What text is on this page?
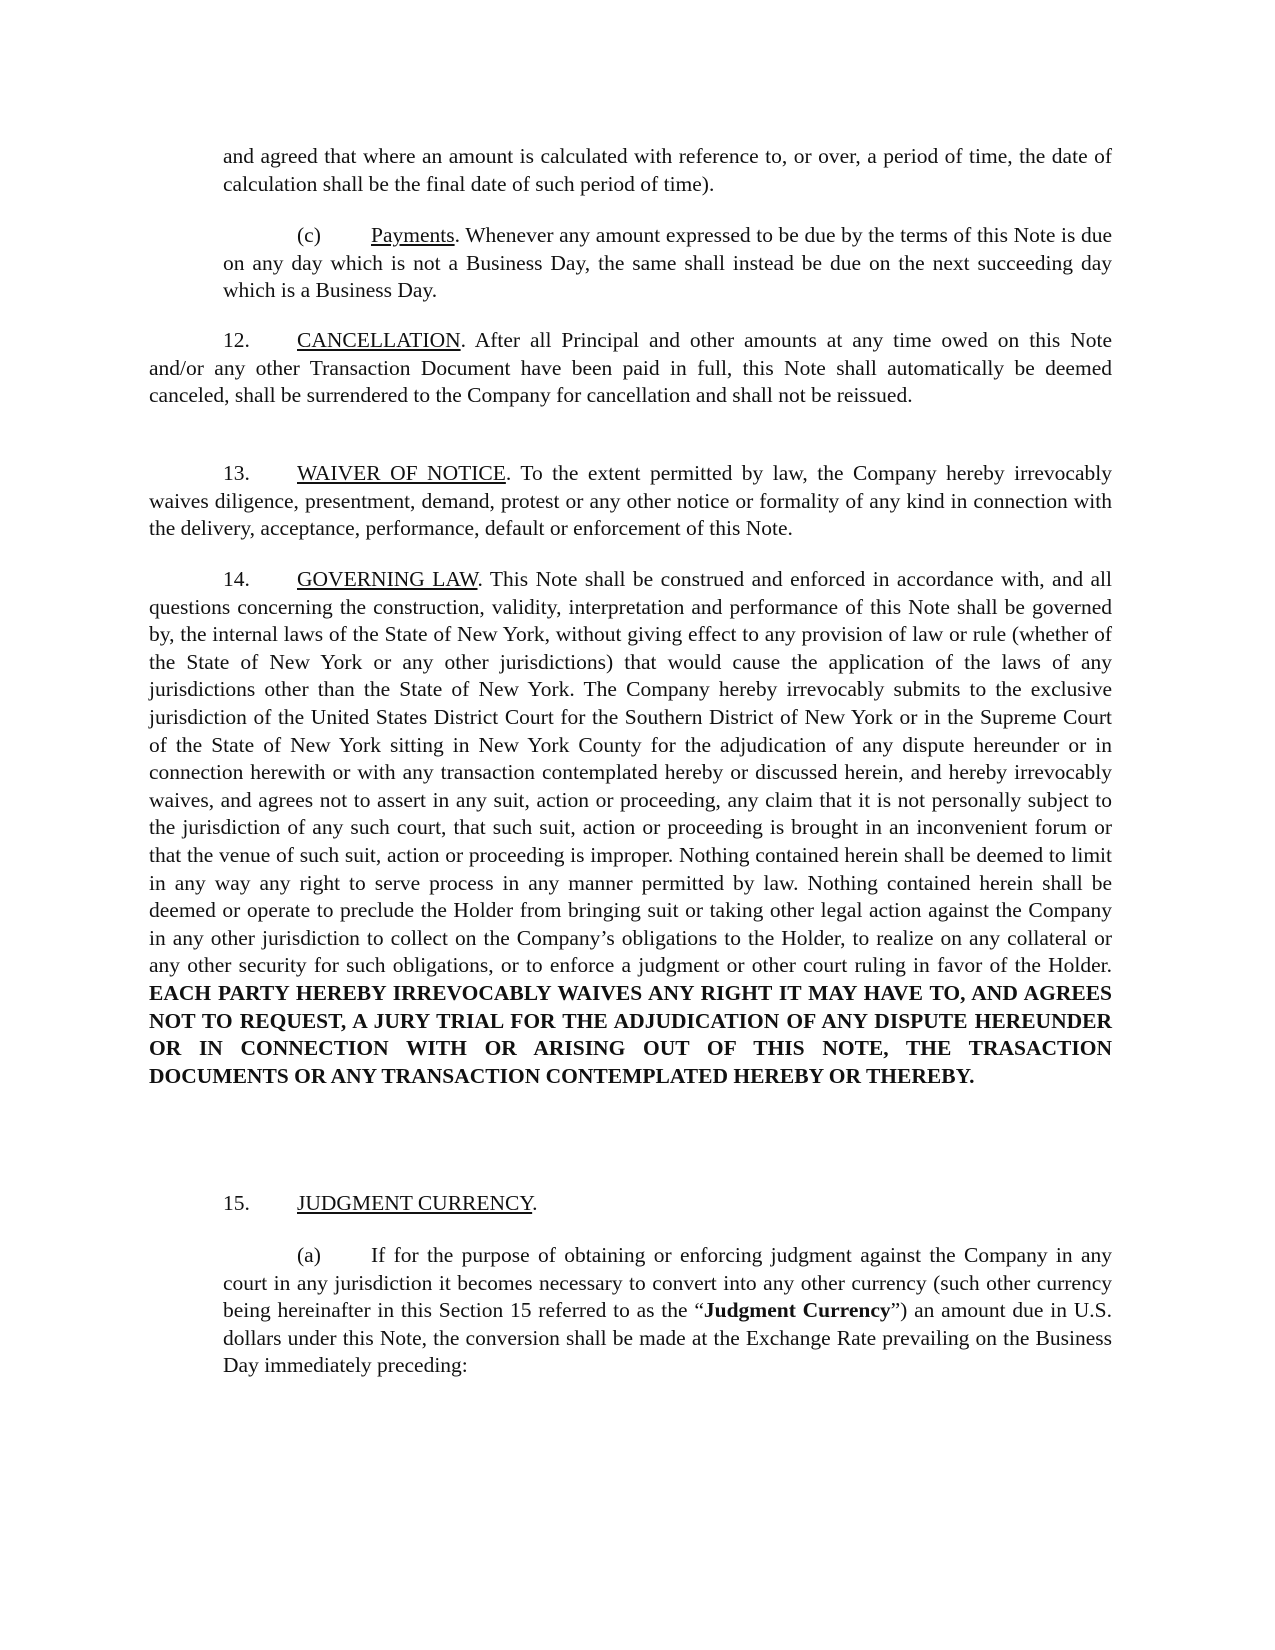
and agreed that where an amount is calculated with reference to, or over, a period of time, the date of calculation shall be the final date of such period of time).

(c) Payments. Whenever any amount expressed to be due by the terms of this Note is due on any day which is not a Business Day, the same shall instead be due on the next succeeding day which is a Business Day.

12. CANCELLATION. After all Principal and other amounts at any time owed on this Note and/or any other Transaction Document have been paid in full, this Note shall automatically be deemed canceled, shall be surrendered to the Company for cancellation and shall not be reissued.

13. WAIVER OF NOTICE. To the extent permitted by law, the Company hereby irrevocably waives diligence, presentment, demand, protest or any other notice or formality of any kind in connection with the delivery, acceptance, performance, default or enforcement of this Note.

14. GOVERNING LAW. This Note shall be construed and enforced in accordance with, and all questions concerning the construction, validity, interpretation and performance of this Note shall be governed by, the internal laws of the State of New York, without giving effect to any provision of law or rule (whether of the State of New York or any other jurisdictions) that would cause the application of the laws of any jurisdictions other than the State of New York. The Company hereby irrevocably submits to the exclusive jurisdiction of the United States District Court for the Southern District of New York or in the Supreme Court of the State of New York sitting in New York County for the adjudication of any dispute hereunder or in connection herewith or with any transaction contemplated hereby or discussed herein, and hereby irrevocably waives, and agrees not to assert in any suit, action or proceeding, any claim that it is not personally subject to the jurisdiction of any such court, that such suit, action or proceeding is brought in an inconvenient forum or that the venue of such suit, action or proceeding is improper. Nothing contained herein shall be deemed to limit in any way any right to serve process in any manner permitted by law. Nothing contained herein shall be deemed or operate to preclude the Holder from bringing suit or taking other legal action against the Company in any other jurisdiction to collect on the Company’s obligations to the Holder, to realize on any collateral or any other security for such obligations, or to enforce a judgment or other court ruling in favor of the Holder. EACH PARTY HEREBY IRREVOCABLY WAIVES ANY RIGHT IT MAY HAVE TO, AND AGREES NOT TO REQUEST, A JURY TRIAL FOR THE ADJUDICATION OF ANY DISPUTE HEREUNDER OR IN CONNECTION WITH OR ARISING OUT OF THIS NOTE, THE TRASACTION DOCUMENTS OR ANY TRANSACTION CONTEMPLATED HEREBY OR THEREBY.

15. JUDGMENT CURRENCY.

(a) If for the purpose of obtaining or enforcing judgment against the Company in any court in any jurisdiction it becomes necessary to convert into any other currency (such other currency being hereinafter in this Section 15 referred to as the “Judgment Currency”) an amount due in U.S. dollars under this Note, the conversion shall be made at the Exchange Rate prevailing on the Business Day immediately preceding:
